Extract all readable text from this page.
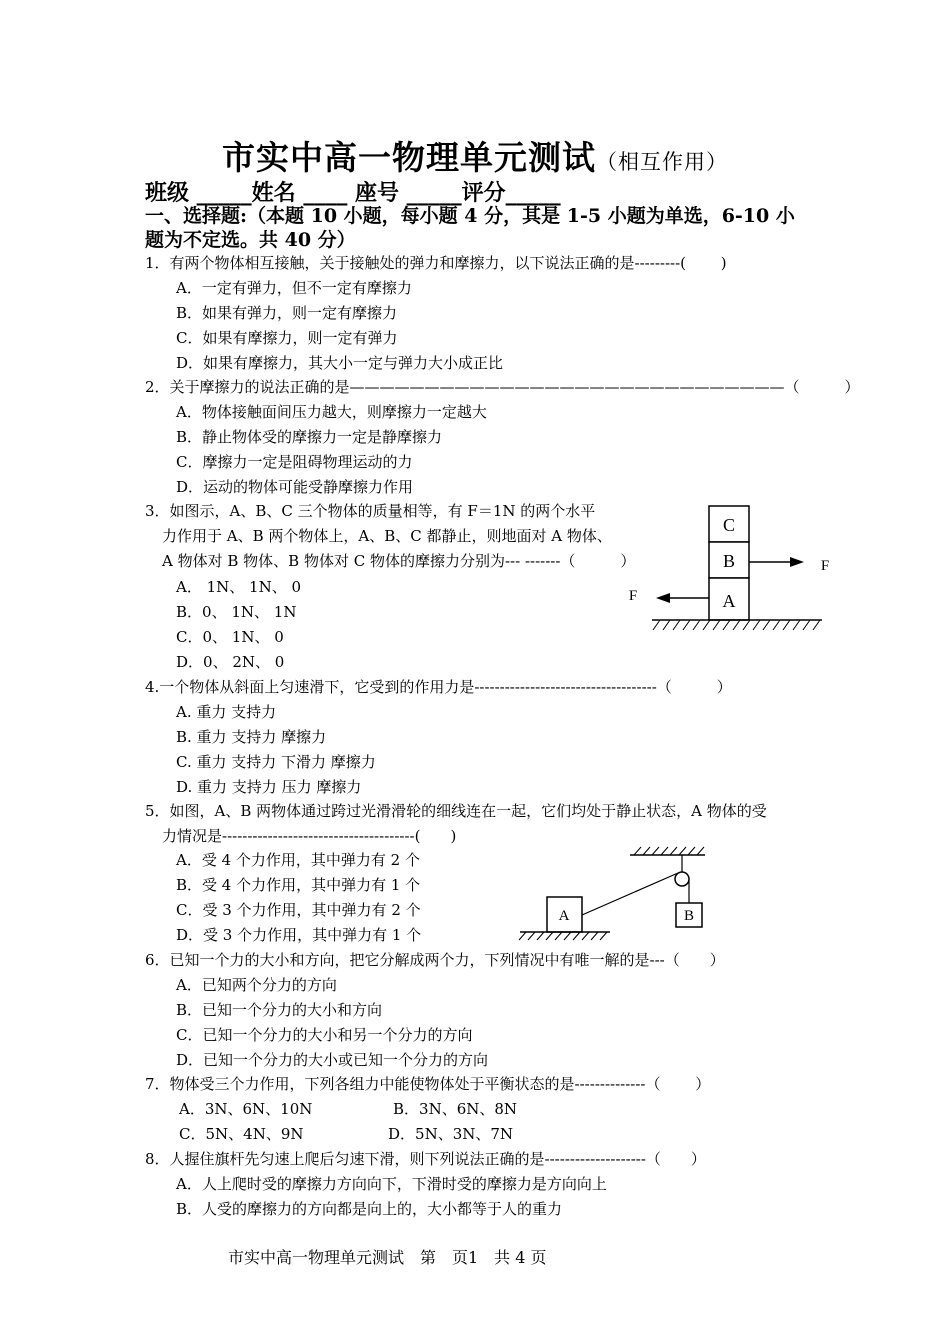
市实中高一物理单元测试（相互作用）
班级 _____姓名 ____ 座号 _____评分_____
一、选择题:（本题 10 小题，每小题 4 分，其是 1-5 小题为单选，6-10 小
题为不定选。共 40 分）
1．有两个物体相互接触，关于接触处的弹力和摩擦力，以下说法正确的是---------(　　 )
A．一定有弹力，但不一定有摩擦力
B．如果有弹力，则一定有摩擦力
C．如果有摩擦力，则一定有弹力
D．如果有摩擦力，其大小一定与弹力大小成正比
2．关于摩擦力的说法正确的是—————————————————————————————（　　　）
A．物体接触面间压力越大，则摩擦力一定越大
B．静止物体受的摩擦力一定是静摩擦力
C．摩擦力一定是阻碍物理运动的力
D．运动的物体可能受静摩擦力作用
3．如图示，A、B、C 三个物体的质量相等，有 F＝1N 的两个水平
力作用于 A、B 两个物体上，A、B、C 都静止，则地面对 A 物体、
A 物体对 B 物体、B 物体对 C 物体的摩擦力分别为--- -------（　　　）
A． 1N、 1N、 0
B．0、 1N、 1N
C．0、 1N、 0
D．0、 2N、 0
C
B
A
F
F
4.一个物体从斜面上匀速滑下，它受到的作用力是------------------------------------（　　　）
A. 重力 支持力
B. 重力 支持力 摩擦力
C. 重力 支持力 下滑力 摩擦力
D. 重力 支持力 压力 摩擦力
5．如图，A、B 两物体通过跨过光滑滑轮的细线连在一起，它们均处于静止状态，A 物体的受
力情况是--------------------------------------(　　)
A．受 4 个力作用，其中弹力有 2 个
B．受 4 个力作用，其中弹力有 1 个
C．受 3 个力作用，其中弹力有 2 个
D．受 3 个力作用，其中弹力有 1 个
A	B
6．已知一个力的大小和方向，把它分解成两个力，下列情况中有唯一解的是---（　　）
A．已知两个分力的方向
B．已知一个分力的大小和方向
C．已知一个分力的大小和另一个分力的方向
D．已知一个分力的大小或已知一个分力的方向
7．物体受三个力作用，下列各组力中能使物体处于平衡状态的是--------------（　　 ）
A．3N、6N、10N	B．3N、6N、8N
C．5N、4N、9N	D．5N、3N、7N
8．人握住旗杆先匀速上爬后匀速下滑，则下列说法正确的是--------------------（　　）
A．人上爬时受的摩擦力方向向下，下滑时受的摩擦力是方向向上
B．人受的摩擦力的方向都是向上的，大小都等于人的重力
市实中高一物理单元测试　第　页1　共 4 页
